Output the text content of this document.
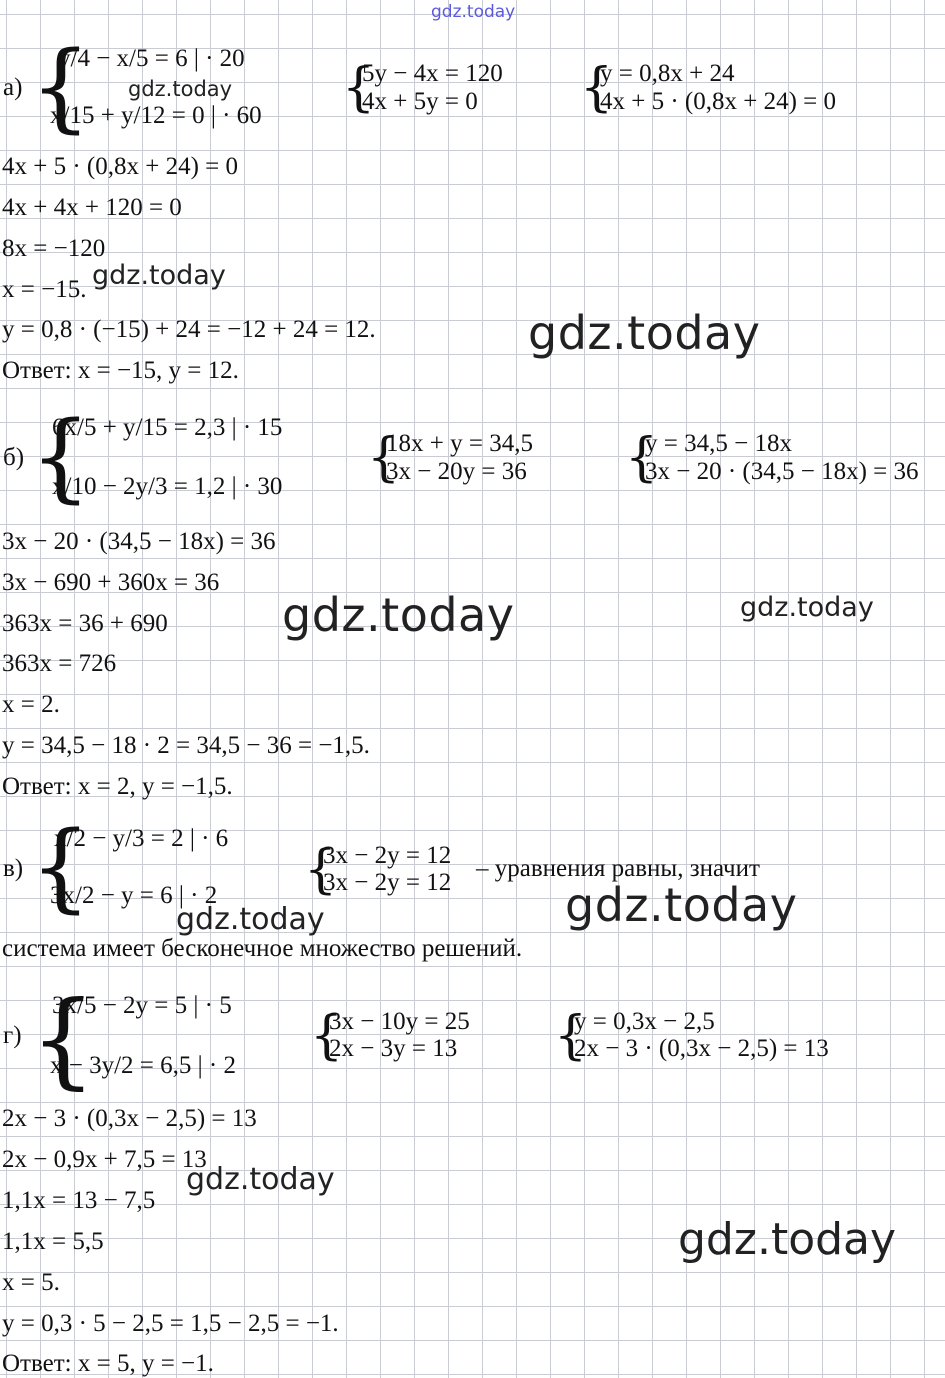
gdz.today
а) {
y/4 − x/5 = 6 | · 20
x/15 + y/12 = 0 | · 60 {
5y − 4x = 120
4x + 5y = 0 {
y = 0,8x + 24
4x + 5 · (0,8x + 24) = 0
4x + 5 · (0,8x + 24) = 0
4x + 4x + 120 = 0
8x = −120
x = −15.
y = 0,8 · (−15) + 24 = −12 + 24 = 12.
Ответ: x = −15, y = 12.
gdz.today
gdz.today
gdz.today
б) {
6x/5 + y/15 = 2,3 | · 15
x/10 − 2y/3 = 1,2 | · 30 {
18x + y = 34,5
3x − 20y = 36 {
y = 34,5 − 18x
3x − 20 · (34,5 − 18x) = 36
3x − 20 · (34,5 − 18x) = 36
3x − 690 + 360x = 36
363x = 36 + 690
363x = 726
x = 2.
y = 34,5 − 18 · 2 = 34,5 − 36 = −1,5.
Ответ: x = 2, y = −1,5.
gdz.today	gdz.today
в) {
x/2 − y/3 = 2 | · 6
3x/2 − y = 6 | · 2 {
3x − 2y = 12
3x − 2y = 12
– уравнения равны, значит
система имеет бесконечное множество решений.
gdz.today	gdz.today
г) {
3x/5 − 2y = 5 | · 5
x − 3y/2 = 6,5 | · 2 {
3x − 10y = 25
2x − 3y = 13 {
y = 0,3x − 2,5
2x − 3 · (0,3x − 2,5) = 13
2x − 3 · (0,3x − 2,5) = 13
2x − 0,9x + 7,5 = 13
1,1x = 13 − 7,5
1,1x = 5,5
x = 5.
y = 0,3 · 5 − 2,5 = 1,5 − 2,5 = −1.
Ответ: x = 5, y = −1.
gdz.today
gdz.today
